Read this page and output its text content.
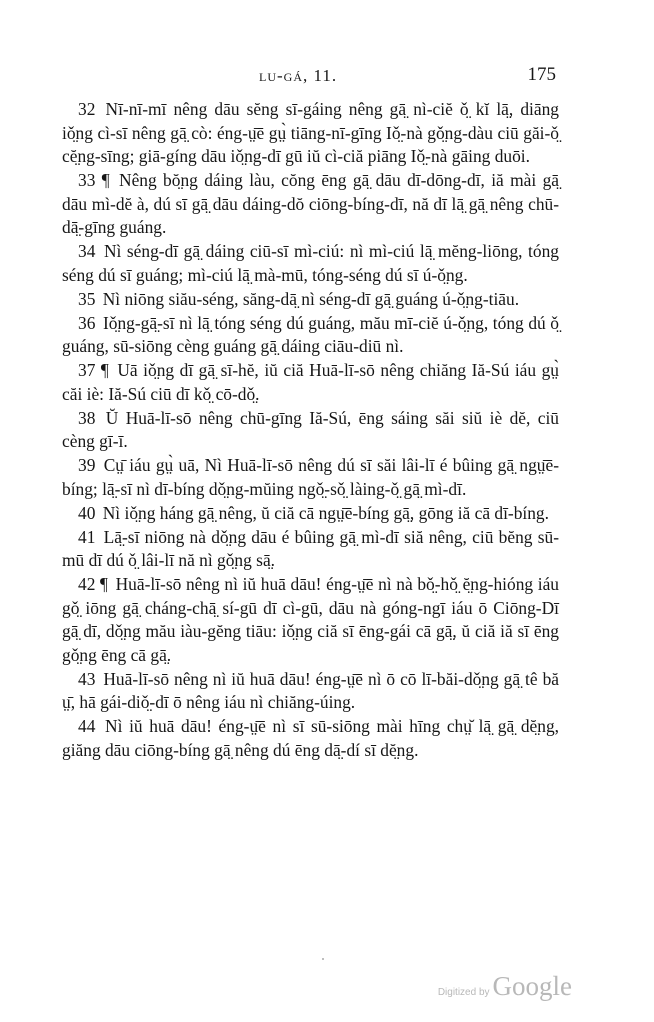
lu-gá, 11.	175

32 Nī-nī-mī nêng dāu sĕng sī-gáing nêng gā̤ nì-ciĕ ǒ̤ kĭ lā̤, diāng iǒ̤ng cì-sī nêng gā̤ cò: éng-ṳ̄ē gṳ̀ tiāng-nī-gīng Iǒ̤-nà gǒ̤ng-dàu ciū găi-ǒ̤ cĕ̤ng-sīng; giā-gíng dāu iǒ̤ng-dī gū iŭ cì-ciă piāng Iǒ̤-nà gāing duōi.

33 ¶ Nêng bŏ̤ng dáing làu, cŏng ēng gā̤ dāu dī-dōng-dī, iă mài gā̤ dāu mì-dĕ à, dú sī gā̤ dāu dáing-dŏ ciōng-bíng-dī, nă dī lā̤ gā̤ nêng chū-dā̤-gīng guáng.

34 Nì séng-dī gā̤ dáing ciū-sī mì-ciú: nì mì-ciú lā̤ mĕng-liōng, tóng séng dú sī guáng; mì-ciú lā̤ mà-mū, tóng-séng dú sī ú-ǒ̤ng.

35 Nì niōng siău-séng, săng-dā̤ nì séng-dī gā̤ guáng ú-ǒ̤ng-tiāu.

36 Iǒ̤ng-gā̤-sī nì lā̤ tóng séng dú guáng, mău mī-ciĕ ú-ǒ̤ng, tóng dú ǒ̤ guáng, sū-siōng cèng guáng gā̤ dáing ciāu-diū nì.

37 ¶ Uā iǒ̤ng dī gā̤ sī-hĕ, iŭ ciă Huā-lī-sō nêng chiăng Iă-Sú iáu gṳ̀ căi iè: Iă-Sú ciū dī kǒ̤ cō-dǒ̤.

38 Ŭ Huā-lī-sō nêng chū-gīng Iă-Sú, ēng sáing săi siŭ iè dĕ, ciū cèng gī-ī.

39 Cṳ̄ iáu gṳ̀ uā, Nì Huā-lī-sō nêng dú sī săi lâi-lī é bûing gā̤ ngṳ̄ē-bíng; lā̤-sī nì dī-bíng dǒ̤ng-mŭing ngǒ̤-sǒ̤ làing-ǒ̤ gā̤ mì-dī.

40 Nì iǒ̤ng háng gā̤ nêng, ŭ ciă cā ngṳ̄ē-bíng gā̤, gōng iă cā dī-bíng.

41 Lā̤-sī niōng nà dǒ̤ng dāu é bûing gā̤ mì-dī siă nêng, ciū bĕng sū-mū dī dú ǒ̤ lâi-lī nă nì gǒ̤ng sā̤.

42 ¶ Huā-lī-sō nêng nì iŭ huā dāu! éng-ṳ̄ē nì nà bǒ̤-hǒ̤ ĕ̤ng-hióng iáu gǒ̤ iōng gā̤ cháng-chā̤ sí-gū dī cì-gū, dāu nà góng-ngī iáu ō Ciōng-Dī gā̤ dī, dǒ̤ng mău iàu-gĕng tiāu: iǒ̤ng ciă sī ēng-gái cā gā̤, ŭ ciă iă sī ēng gǒ̤ng ēng cā gā̤.

43 Huā-lī-sō nêng nì iŭ huā dāu! éng-ṳ̄ē nì ō cō lī-băi-dǒ̤ng gā̤ tê bă ṳ̄, hā gái-diǒ̤-dī ō nêng iáu nì chiăng-úing.

44 Nì iŭ huā dāu! éng-ṳ̄ē nì sī sū-siōng mài hīng chṳ̆ lā̤ gā̤ dĕ̤ng, giăng dāu ciōng-bíng gā̤ nêng dú ēng dā̤-dí sī dĕ̤ng.

Digitized by Google
